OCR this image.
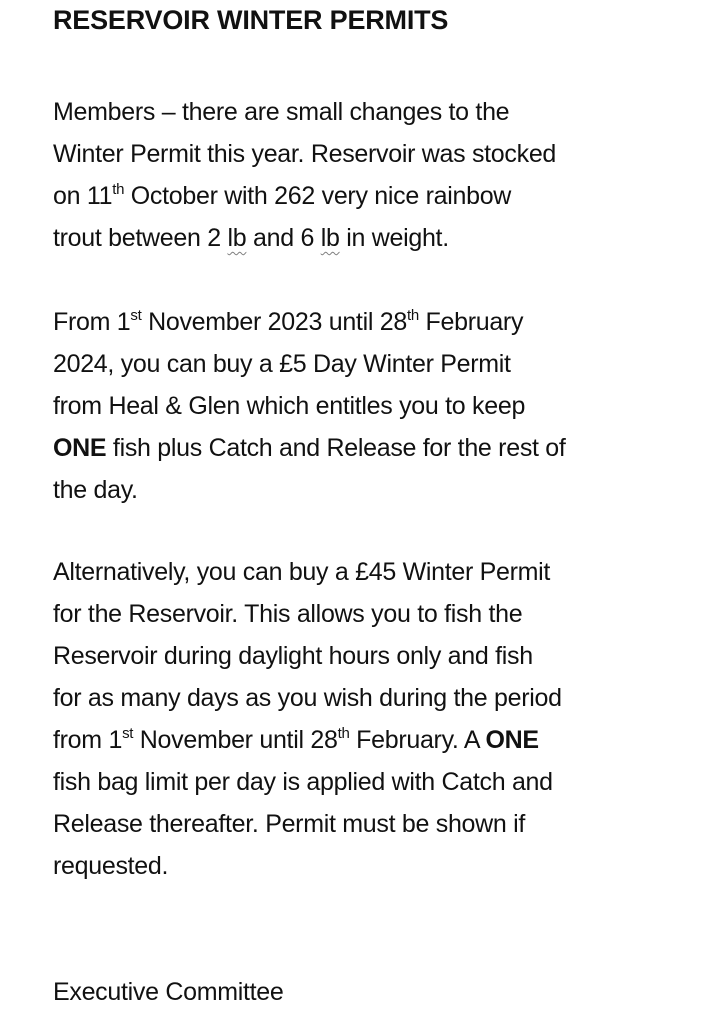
RESERVOIR WINTER PERMITS

Members – there are small changes to the
Winter Permit this year. Reservoir was stocked
on 11th October with 262 very nice rainbow
trout between 2 lb and 6 lb in weight.

From 1st November 2023 until 28th February
2024, you can buy a £5 Day Winter Permit
from Heal & Glen which entitles you to keep
ONE fish plus Catch and Release for the rest of
the day.

Alternatively, you can buy a £45 Winter Permit
for the Reservoir. This allows you to fish the
Reservoir during daylight hours only and fish
for as many days as you wish during the period
from 1st November until 28th February. A ONE
fish bag limit per day is applied with Catch and
Release thereafter. Permit must be shown if
requested.

Executive Committee
